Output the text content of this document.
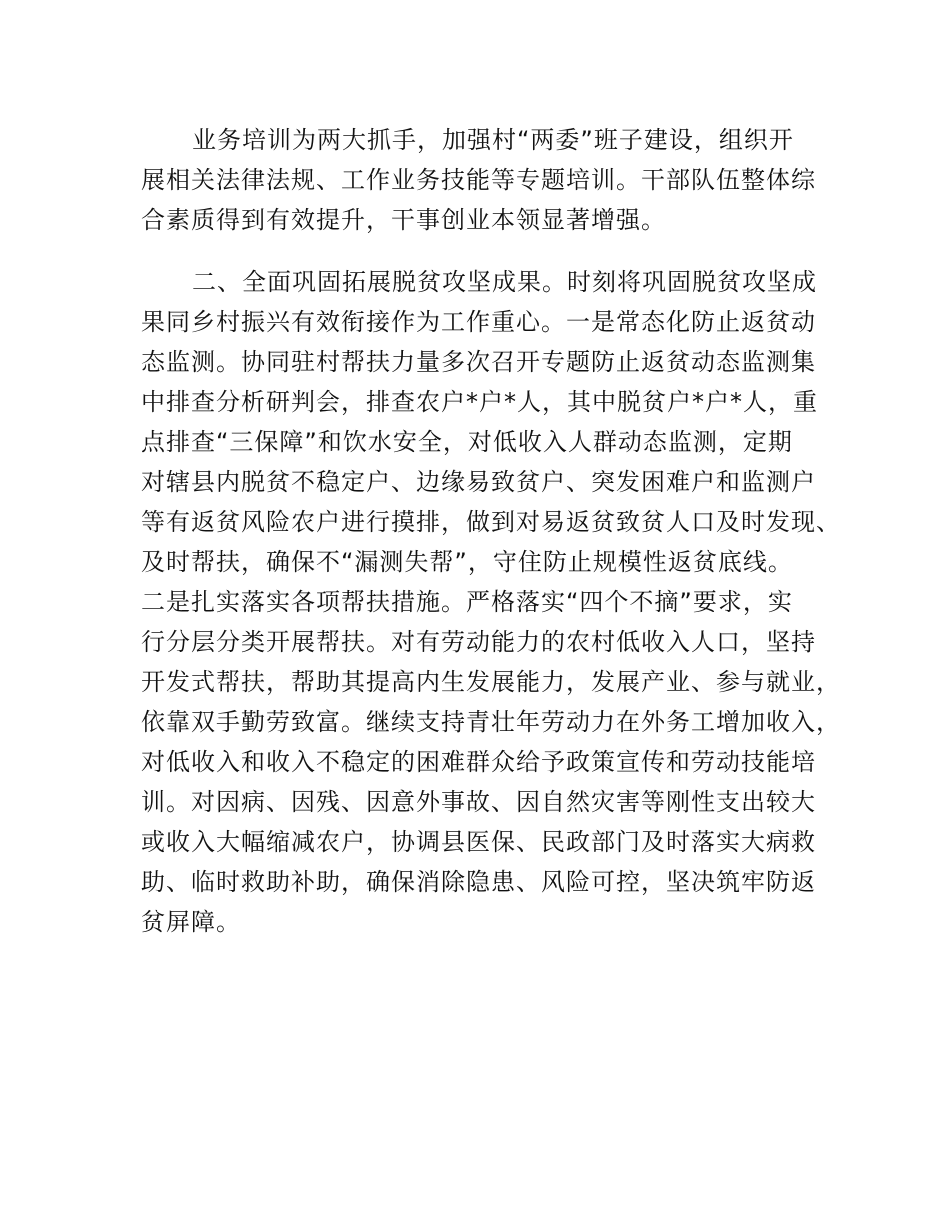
业务培训为两大抓手，加强村“两委”班子建设，组织开
展相关法律法规、工作业务技能等专题培训。干部队伍整体综
合素质得到有效提升，干事创业本领显著增强。
二、全面巩固拓展脱贫攻坚成果。时刻将巩固脱贫攻坚成
果同乡村振兴有效衔接作为工作重心。一是常态化防止返贫动
态监测。协同驻村帮扶力量多次召开专题防止返贫动态监测集
中排查分析研判会，排查农户*户*人，其中脱贫户*户*人，重
点排查“三保障”和饮水安全，对低收入人群动态监测，定期
对辖县内脱贫不稳定户、边缘易致贫户、突发困难户和监测户
等有返贫风险农户进行摸排，做到对易返贫致贫人口及时发现、
及时帮扶，确保不“漏测失帮”，守住防止规模性返贫底线。
二是扎实落实各项帮扶措施。严格落实“四个不摘”要求，实
行分层分类开展帮扶。对有劳动能力的农村低收入人口，坚持
开发式帮扶，帮助其提高内生发展能力，发展产业、参与就业，
依靠双手勤劳致富。继续支持青壮年劳动力在外务工增加收入，
对低收入和收入不稳定的困难群众给予政策宣传和劳动技能培
训。对因病、因残、因意外事故、因自然灾害等刚性支出较大
或收入大幅缩减农户，协调县医保、民政部门及时落实大病救
助、临时救助补助，确保消除隐患、风险可控，坚决筑牢防返
贫屏障。
